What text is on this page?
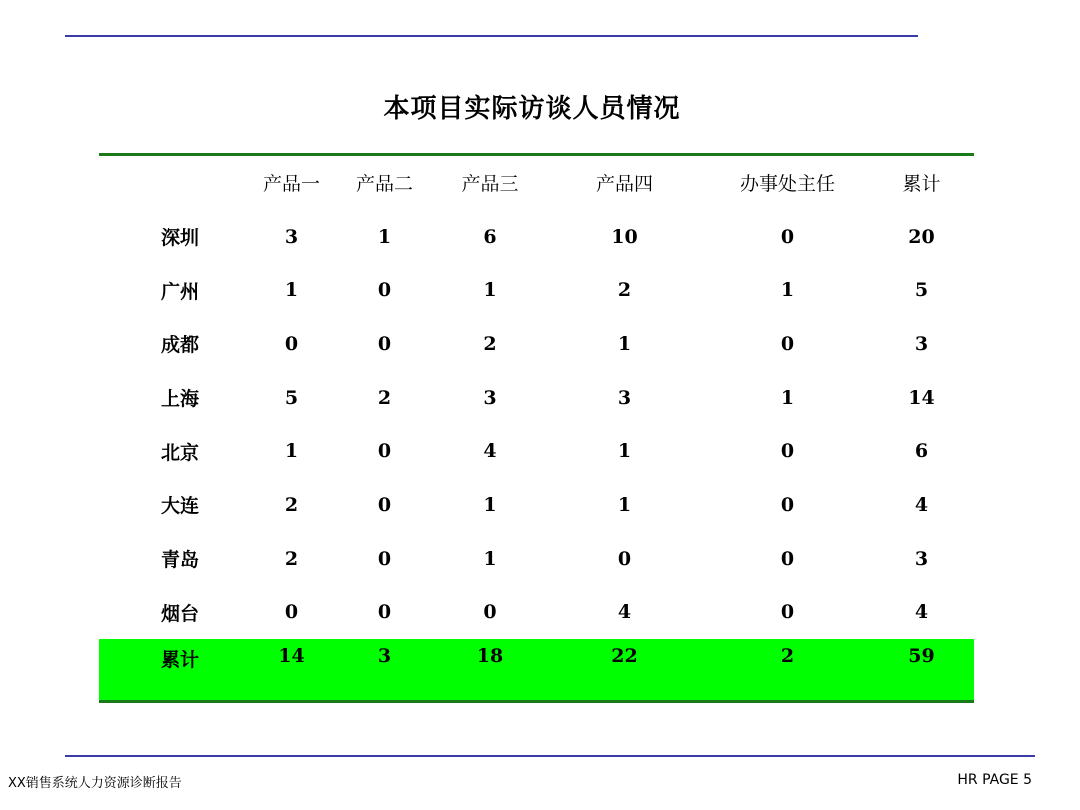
本项目实际访谈人员情况
	产品一	产品二	产品三	产品四	办事处主任	累计
深圳	3	1	6	10	0	20
广州	1	0	1	2	1	5
成都	0	0	2	1	0	3
上海	5	2	3	3	1	14
北京	1	0	4	1	0	6
大连	2	0	1	1	0	4
青岛	2	0	1	0	0	3
烟台	0	0	0	4	0	4
累计	14	3	18	22	2	59
XX销售系统人力资源诊断报告	HR PAGE 5
